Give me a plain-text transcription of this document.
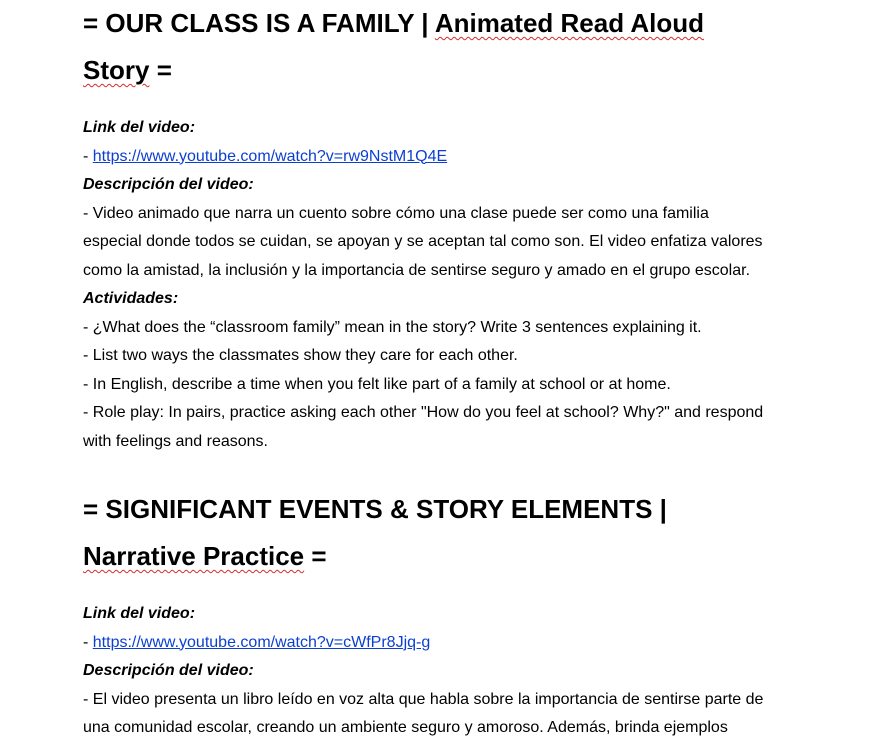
= OUR CLASS IS A FAMILY | Animated Read Aloud
Story =

Link del video:

- https://www.youtube.com/watch?v=rw9NstM1Q4E

Descripción del video:

- Video animado que narra un cuento sobre cómo una clase puede ser como una familia

especial donde todos se cuidan, se apoyan y se aceptan tal como son. El video enfatiza valores

como la amistad, la inclusión y la importancia de sentirse seguro y amado en el grupo escolar.

Actividades:

- ¿What does the “classroom family” mean in the story? Write 3 sentences explaining it.

- List two ways the classmates show they care for each other.

- In English, describe a time when you felt like part of a family at school or at home.

- Role play: In pairs, practice asking each other "How do you feel at school? Why?" and respond

with feelings and reasons.

= SIGNIFICANT EVENTS & STORY ELEMENTS |
Narrative Practice =

Link del video:

- https://www.youtube.com/watch?v=cWfPr8Jjq-g

Descripción del video:

- El video presenta un libro leído en voz alta que habla sobre la importancia de sentirse parte de

una comunidad escolar, creando un ambiente seguro y amoroso. Además, brinda ejemplos
